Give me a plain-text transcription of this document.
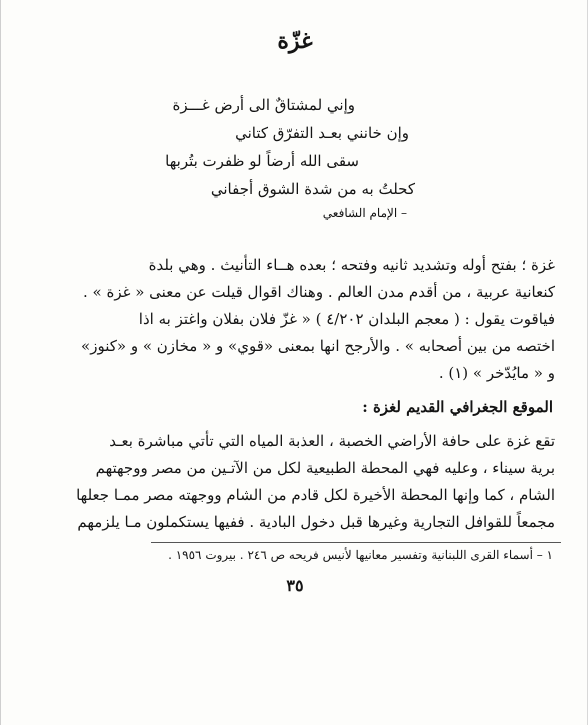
غزّة
وإني لمشتاقٌ الى أرض غـــزة
وإن خانني بعـد التفرّق كتاني
سقى الله أرضاً لو ظفرت بتُربها
كحلتُ به من شدة الشوق أجفاني
– الإمام الشافعي
غزة ؛ بفتح أوله وتشديد ثانيه وفتحه ؛ بعده هــاء التأنيث . وهي بلدة
كنعانية عربية ، من أقدم مدن العالم . وهناك اقوال قيلت عن معنى « غزة » .
فياقوت يقول : ( معجم البلدان ٤/٢٠٢ ) « غزّ فلان بفلان واغتز به اذا
اختصه من بين أصحابه » . والأرجح انها بمعنى «قوي» و « مخازن » و «كنوز»
و « مايُدّخر » (١) .
الموقع الجغرافي القديم لغزة :
تقع غزة على حافة الأراضي الخصبة ، العذبة المياه التي تأتي مباشرة بعـد
برية سيناء ، وعليه فهي المحطة الطبيعية لكل من الآتـين من مصر ووجهتهم
الشام ، كما وإنها المحطة الأخيرة لكل قادم من الشام ووجهته مصر ممـا جعلها
مجمعاً للقوافل التجارية وغيرها قبل دخول البادية . ففيها يستكملون مـا يلزمهم
١ – أسماء القرى اللبنانية وتفسير معانيها لأنيس فريحه ص ٢٤٦ . بيروت ١٩٥٦ .
٣٥
